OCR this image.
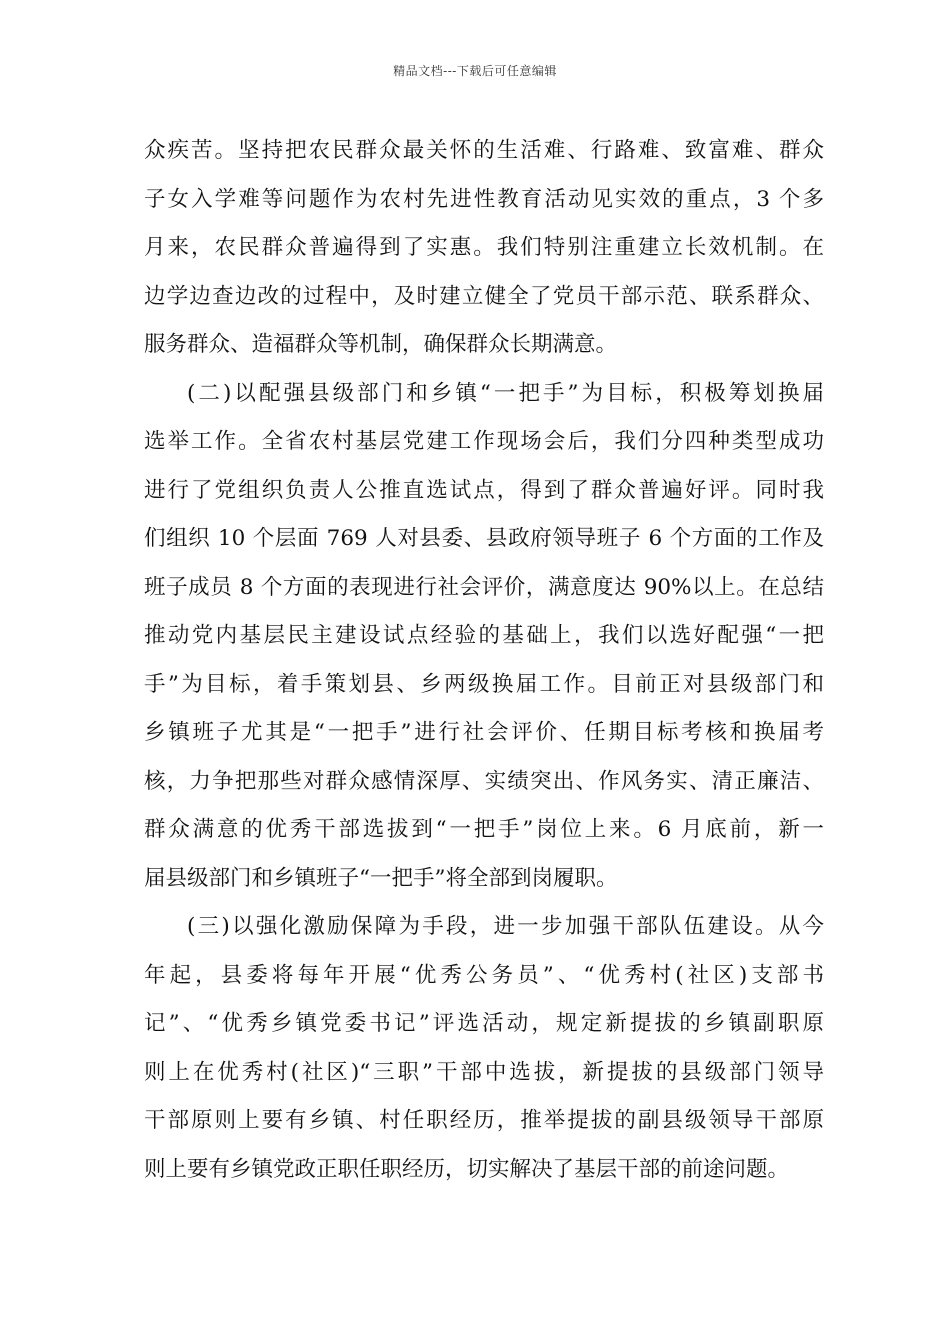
精品文档---下载后可任意编辑
众疾苦。坚持把农民群众最关怀的生活难、行路难、致富难、群众
子女入学难等问题作为农村先进性教育活动见实效的重点，3 个多
月来，农民群众普遍得到了实惠。我们特别注重建立长效机制。在
边学边查边改的过程中，及时建立健全了党员干部示范、联系群众、
服务群众、造福群众等机制，确保群众长期满意。
(二)以配强县级部门和乡镇“一把手”为目标，积极筹划换届
选举工作。全省农村基层党建工作现场会后，我们分四种类型成功
进行了党组织负责人公推直选试点，得到了群众普遍好评。同时我
们组织 10 个层面 769 人对县委、县政府领导班子 6 个方面的工作及
班子成员 8 个方面的表现进行社会评价，满意度达 90%以上。在总结
推动党内基层民主建设试点经验的基础上，我们以选好配强“一把
手”为目标，着手策划县、乡两级换届工作。目前正对县级部门和
乡镇班子尤其是“一把手”进行社会评价、任期目标考核和换届考
核，力争把那些对群众感情深厚、实绩突出、作风务实、清正廉洁、
群众满意的优秀干部选拔到“一把手”岗位上来。6 月底前，新一
届县级部门和乡镇班子“一把手”将全部到岗履职。
(三)以强化激励保障为手段，进一步加强干部队伍建设。从今
年起，县委将每年开展“优秀公务员”、“优秀村(社区)支部书
记”、“优秀乡镇党委书记”评选活动，规定新提拔的乡镇副职原
则上在优秀村(社区)“三职”干部中选拔，新提拔的县级部门领导
干部原则上要有乡镇、村任职经历，推举提拔的副县级领导干部原
则上要有乡镇党政正职任职经历，切实解决了基层干部的前途问题。
